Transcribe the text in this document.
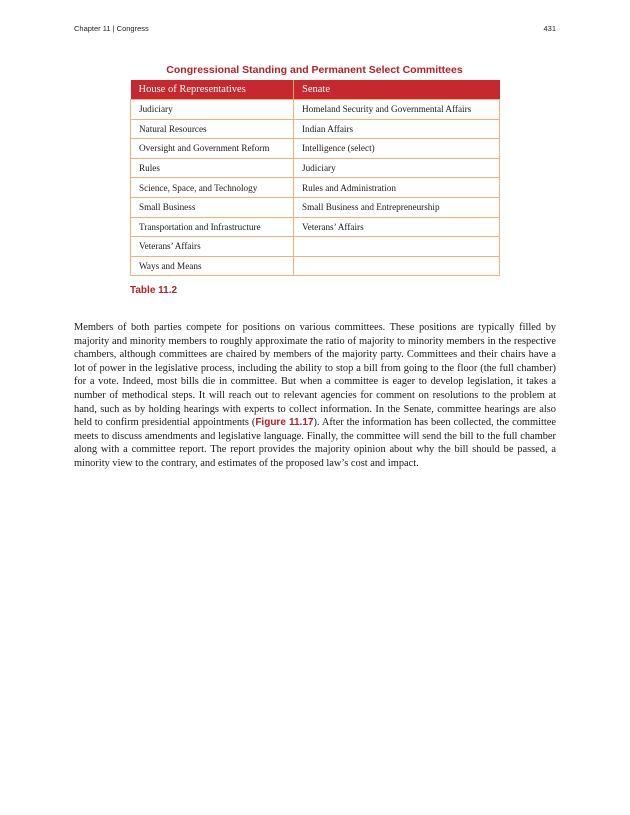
Chapter 11 | Congress	431
Congressional Standing and Permanent Select Committees
House of Representatives	Senate
Judiciary	Homeland Security and Governmental Affairs
Natural Resources	Indian Affairs
Oversight and Government Reform	Intelligence (select)
Rules	Judiciary
Science, Space, and Technology	Rules and Administration
Small Business	Small Business and Entrepreneurship
Transportation and Infrastructure	Veterans’ Affairs
Veterans’ Affairs	
Ways and Means	
Table 11.2

Members of both parties compete for positions on various committees. These positions are typically filled by majority and minority members to roughly approximate the ratio of majority to minority members in the respective chambers, although committees are chaired by members of the majority party. Committees and their chairs have a lot of power in the legislative process, including the ability to stop a bill from going to the floor (the full chamber) for a vote. Indeed, most bills die in committee. But when a committee is eager to develop legislation, it takes a number of methodical steps. It will reach out to relevant agencies for comment on resolutions to the problem at hand, such as by holding hearings with experts to collect information. In the Senate, committee hearings are also held to confirm presidential appointments (Figure 11.17). After the information has been collected, the committee meets to discuss amendments and legislative language. Finally, the committee will send the bill to the full chamber along with a committee report. The report provides the majority opinion about why the bill should be passed, a minority view to the contrary, and estimates of the proposed law’s cost and impact.
